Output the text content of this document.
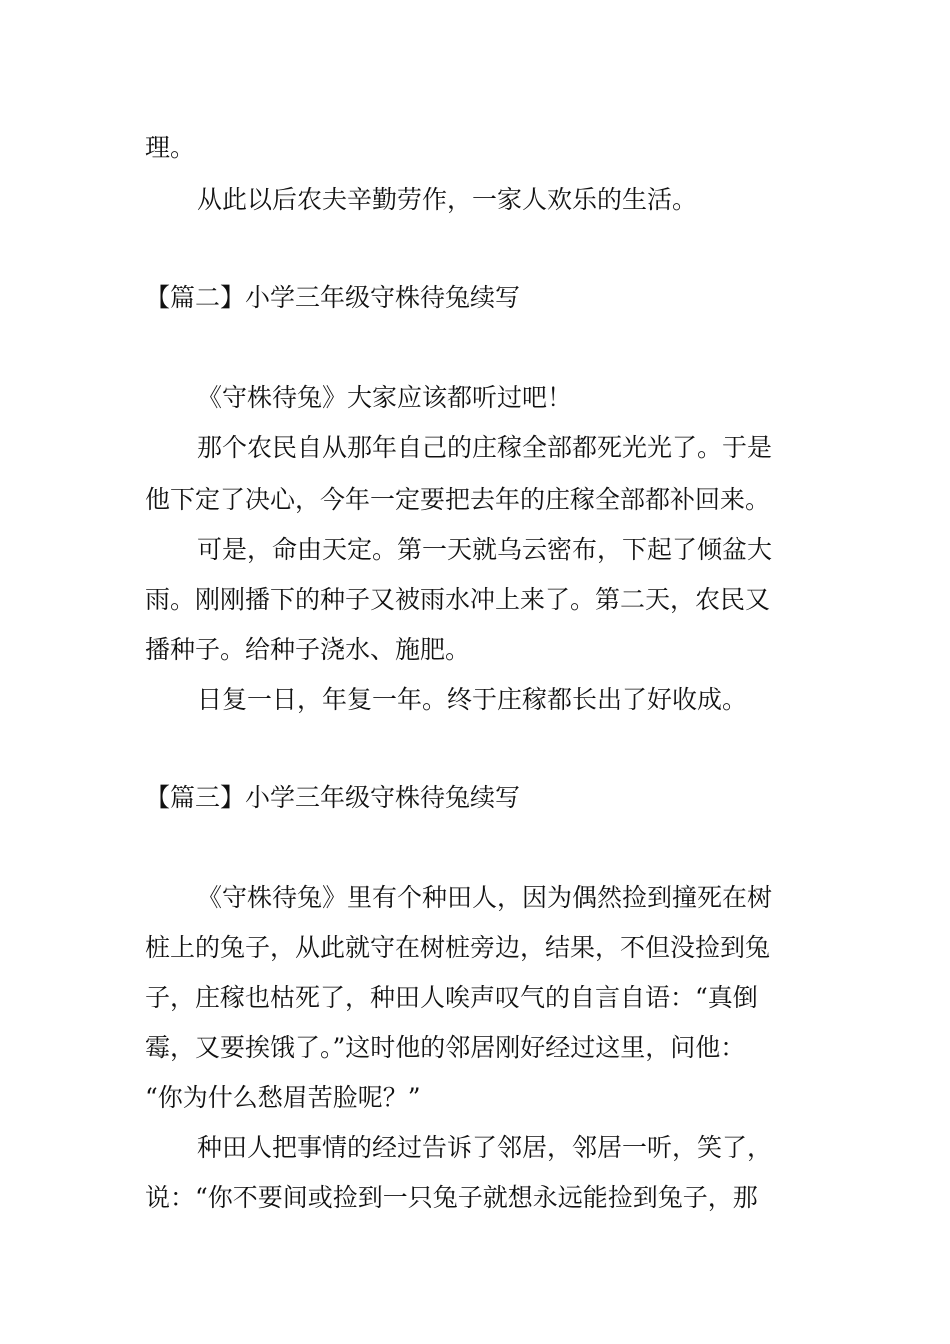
理。
从此以后农夫辛勤劳作，一家人欢乐的生活。
【篇二】小学三年级守株待兔续写
《守株待兔》大家应该都听过吧！
那个农民自从那年自己的庄稼全部都死光光了。于是
他下定了决心，今年一定要把去年的庄稼全部都补回来。
可是，命由天定。第一天就乌云密布，下起了倾盆大
雨。刚刚播下的种子又被雨水冲上来了。第二天，农民又
播种子。给种子浇水、施肥。
日复一日，年复一年。终于庄稼都长出了好收成。
【篇三】小学三年级守株待兔续写
《守株待兔》里有个种田人，因为偶然捡到撞死在树
桩上的兔子，从此就守在树桩旁边，结果，不但没捡到兔
子，庄稼也枯死了，种田人唉声叹气的自言自语：“真倒
霉，又要挨饿了。”这时他的邻居刚好经过这里，问他：
“你为什么愁眉苦脸呢？”
种田人把事情的经过告诉了邻居，邻居一听，笑了，
说：“你不要间或捡到一只兔子就想永远能捡到兔子，那
